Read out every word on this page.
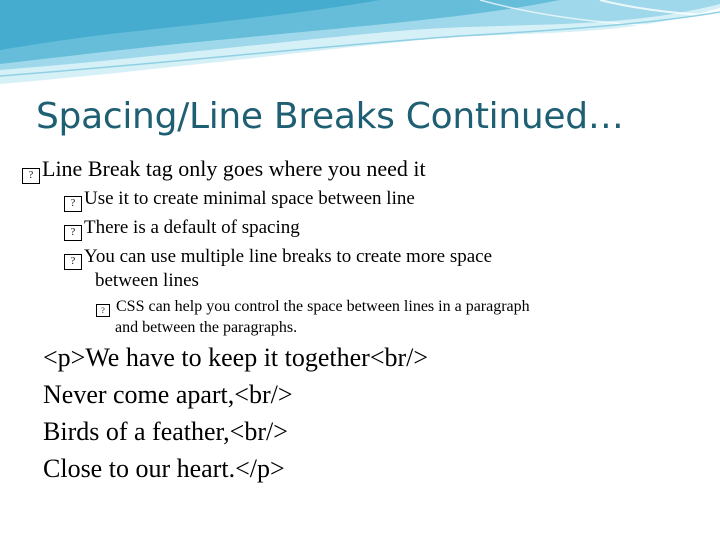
Spacing/Line Breaks Continued…
? Line Break tag only goes where you need it
? Use it to create minimal space between line
? There is a default of spacing
? You can use multiple line breaks to create more space
between lines
? CSS can help you control the space between lines in a paragraph
and between the paragraphs.
<p>We have to keep it together<br/>
Never come apart,<br/>
Birds of a feather,<br/>
Close to our heart.</p>
